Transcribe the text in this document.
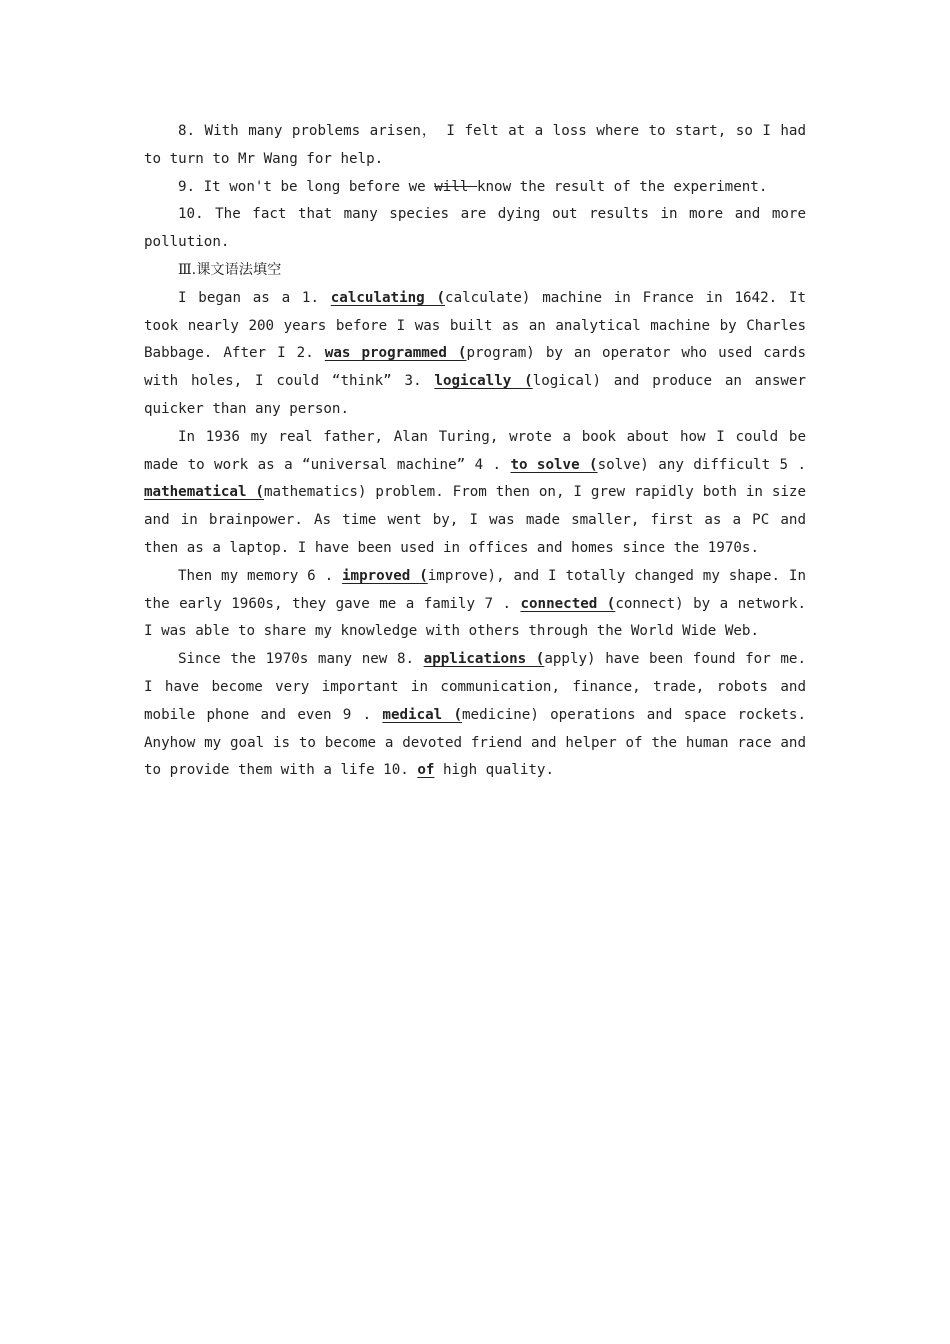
8. With many problems arisen， I felt at a loss where to start, so I had to turn to Mr Wang for help.

9. It won't be long before we will know the result of the experiment.

10. The fact that many species are dying out results in more and more pollution.

Ⅲ.课文语法填空

I began as a 1. calculating (calculate) machine in France in 1642. It took nearly 200 years before I was built as an analytical machine by Charles Babbage. After I 2. was programmed (program) by an operator who used cards with holes, I could “think” 3. logically (logical) and produce an answer quicker than any person.

In 1936 my real father, Alan Turing, wrote a book about how I could be made to work as a “universal machine” 4 . to solve (solve) any difficult 5 . mathematical (mathematics) problem. From then on, I grew rapidly both in size and in brainpower. As time went by, I was made smaller, first as a PC and then as a laptop. I have been used in offices and homes since the 1970s.

Then my memory 6 . improved (improve), and I totally changed my shape. In the early 1960s, they gave me a family 7 . connected (connect) by a network. I was able to share my knowledge with others through the World Wide Web.

Since the 1970s many new 8. applications (apply) have been found for me. I have become very important in communication, finance, trade, robots and mobile phone and even 9 . medical (medicine) operations and space rockets. Anyhow my goal is to become a devoted friend and helper of the human race and to provide them with a life 10. of high quality.
